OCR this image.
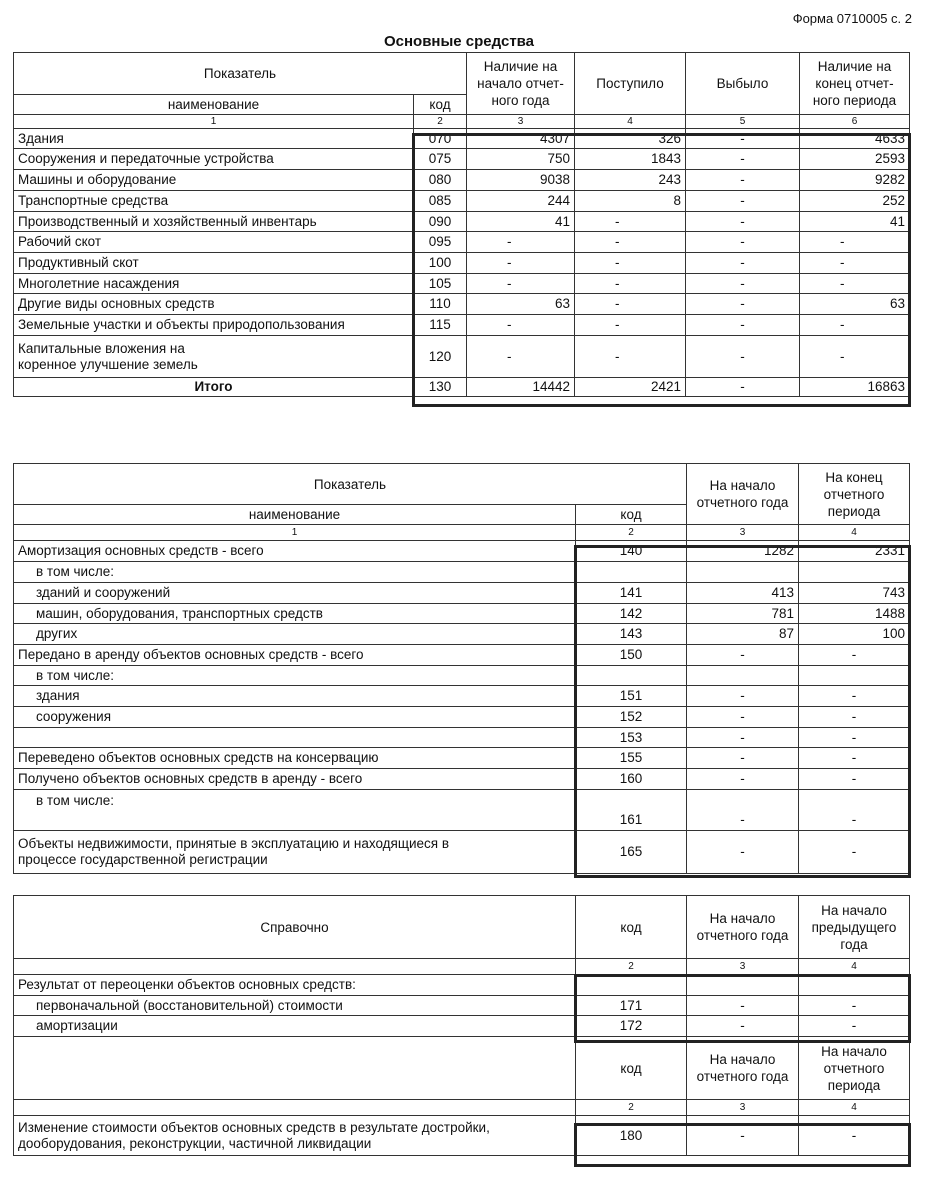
Форма 0710005 с. 2
Основные средства
Показатель		Наличие на начало отчет-ного года	Поступило	Выбыло	Наличие на конец отчет-ного периода
наименование	код				
1	2	3	4	5	6
Здания	070	4307	326	-	4633
Сооружения и передаточные устройства	075	750	1843	-	2593
Машины и оборудование	080	9038	243	-	9282
Транспортные средства	085	244	8	-	252
Производственный и хозяйственный инвентарь	090	41	-	-	41
Рабочий скот	095	-	-	-	-
Продуктивный скот	100	-	-	-	-
Многолетние насаждения	105	-	-	-	-
Другие виды основных средств	110	63	-	-	63
Земельные участки и объекты природопользования	115	-	-	-	-
Капитальные вложения на коренное улучшение земель	120	-	-	-	-
Итого	130	14442	2421	-	16863
Показатель		На начало отчетного года	На конец отчетного периода
наименование	код		
1	2	3	4
Амортизация основных средств - всего	140	1282	2331
в том числе:			
зданий и сооружений	141	413	743
машин, оборудования, транспортных средств	142	781	1488
других	143	87	100
Передано в аренду объектов основных средств - всего	150	-	-
в том числе:			
здания	151	-	-
сооружения	152	-	-
	153	-	-
Переведено объектов основных средств на консервацию	155	-	-
Получено объектов основных средств в аренду - всего	160	-	-
в том числе:	161	-	-
Объекты недвижимости, принятые в эксплуатацию и находящиеся в процессе государственной регистрации	165	-	-
Справочно	код	На начало отчетного года	На начало предыдущего года
	2	3	4
Результат от переоценки объектов основных средств:			
первоначальной (восстановительной) стоимости	171	-	-
амортизации	172	-	-
	код	На начало отчетного года	На начало отчетного периода
	2	3	4
Изменение стоимости объектов основных средств в результате достройки, дооборудования, реконструкции, частичной ликвидации	180	-	-
